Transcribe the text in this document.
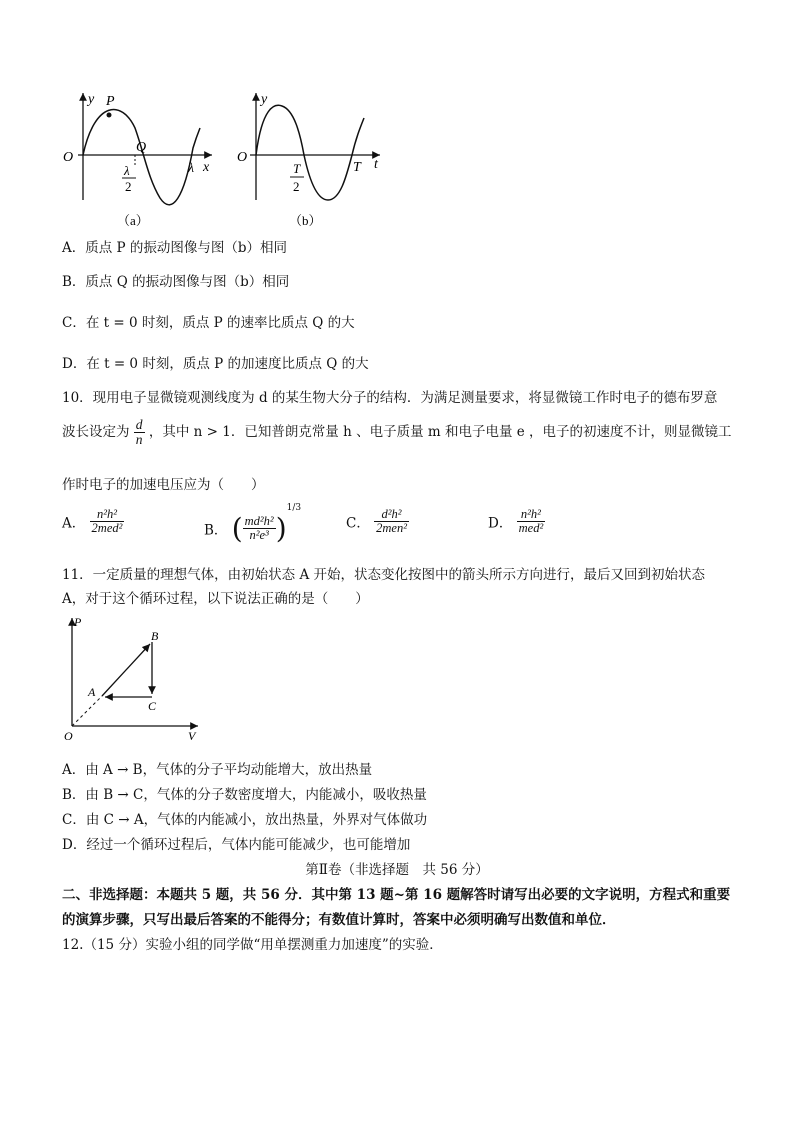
y P
O
Q
λ
2
λ x
（a）
y
O
T
2
T t
（b）
A．质点 P 的振动图像与图（b）相同
B．质点 Q 的振动图像与图（b）相同
C．在 t = 0 时刻，质点 P 的速率比质点 Q 的大
D．在 t = 0 时刻，质点 P 的加速度比质点 Q 的大
10．现用电子显微镜观测线度为 d 的某生物大分子的结构．为满足测量要求，将显微镜工作时电子的德布罗意
波长设定为 $\frac{d}{n}$ ，其中 n > 1．已知普朗克常量 h 、电子质量 m 和电子电量 e ，电子的初速度不计，则显微镜工
作时电子的加速电压应为（　　）
A． $\frac{\text{n²h²}}{\text{2med²}}$	B． ( $\frac{\text{md²h²}}{\text{n²e³}} )^{1/3}$
C． $\frac{\text{d²h²}}{\text{2men²}}$	D． $\frac{\text{n²h²}}{\text{med²}}$
11．一定质量的理想气体，由初始状态 A 开始，状态变化按图中的箭头所示方向进行，最后又回到初始状态
A，对于这个循环过程，以下说法正确的是（　　）
P
B
A
C
O	V
A．由 A → B，气体的分子平均动能增大，放出热量
B．由 B → C，气体的分子数密度增大，内能减小，吸收热量
C．由 C → A，气体的内能减小，放出热量，外界对气体做功
D．经过一个循环过程后，气体内能可能减少，也可能增加
第Ⅱ卷（非选择题　共 56 分）
二、非选择题：本题共 5 题，共 56 分．其中第 13 题~第 16 题解答时请写出必要的文字说明，方程式和重要
的演算步骤，只写出最后答案的不能得分；有数值计算时，答案中必须明确写出数值和单位．
12.（15 分）实验小组的同学做“用单摆测重力加速度”的实验．
